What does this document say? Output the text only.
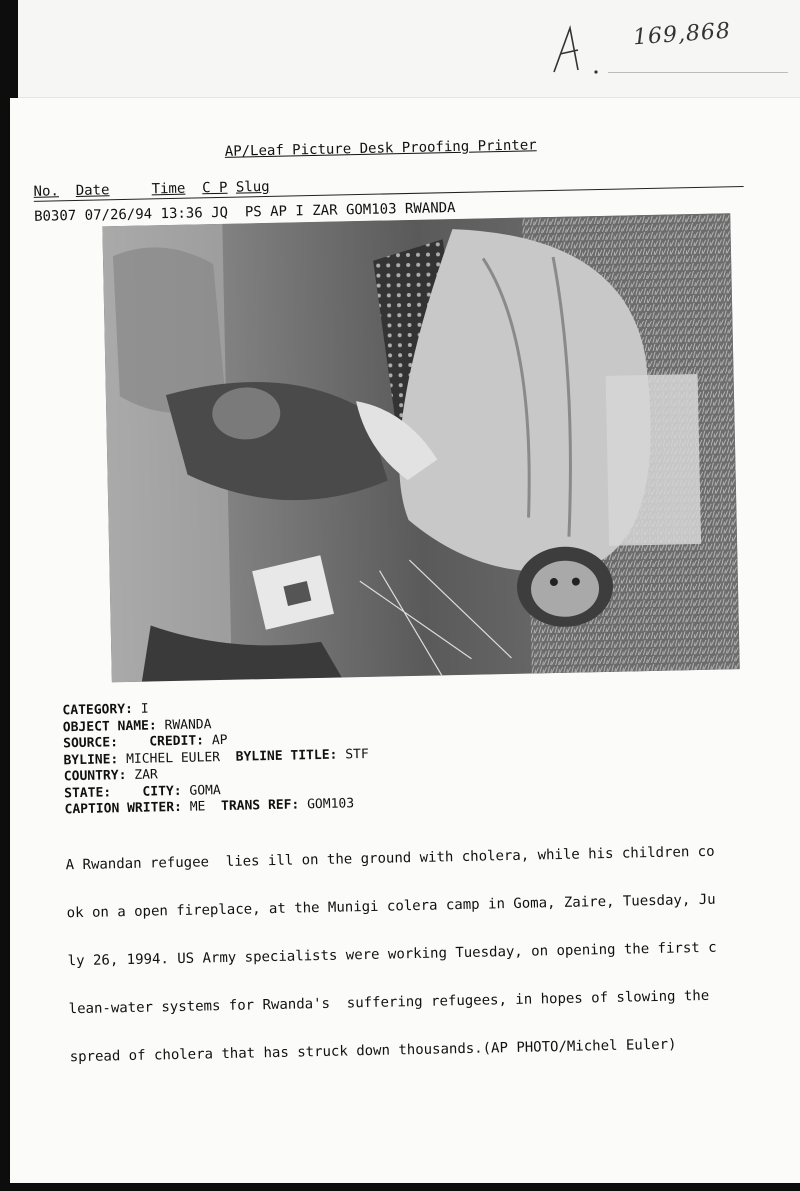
169,868
AP/Leaf Picture Desk Proofing Printer
No. Date	Time C P Slug
B0307 07/26/94 13:36 JQ PS AP I ZAR GOM103 RWANDA
CATEGORY: I
OBJECT NAME: RWANDA
SOURCE: CREDIT: AP
BYLINE: MICHEL EULER BYLINE TITLE: STF
COUNTRY: ZAR
STATE: CITY: GOMA
CAPTION WRITER: ME TRANS REF: GOM103

A Rwandan refugee  lies ill on the ground with cholera, while his children co

ok on a open fireplace, at the Munigi colera camp in Goma, Zaire, Tuesday, Ju

ly 26, 1994. US Army specialists were working Tuesday, on opening the first c

lean-water systems for Rwanda's  suffering refugees, in hopes of slowing the

spread of cholera that has struck down thousands.(AP PHOTO/Michel Euler)
